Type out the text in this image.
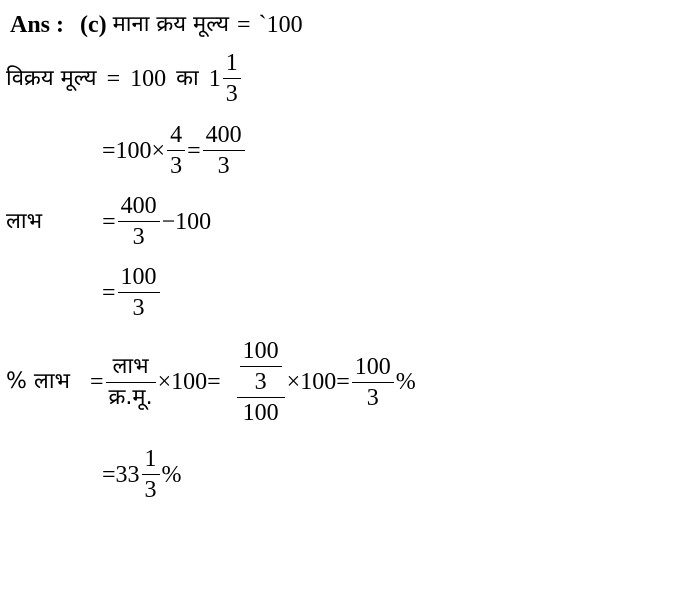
Ans : (c) माना क्रय मूल्य = `100
विक्रय मूल्य = 100 का $1 \frac{1}{3}$
$=100\times \frac{4}{3} = \frac{400}{3}$
लाभ	= $\frac{400}{3} -100$
= $\frac{100}{3}$
% लाभ = $\frac{\text{लाभ}}{\text{क्र.मू.}} \times 100= \frac{\frac{100}{3}}{100} \times 100= \frac{100}{3}$ %
$=33 \frac{1}{3}$ %
